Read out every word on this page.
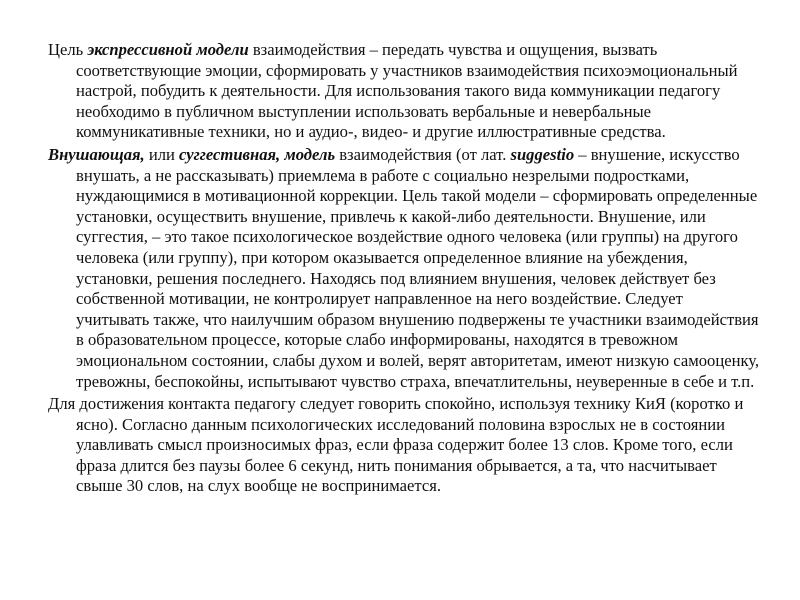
Цель экспрессивной модели взаимодействия – передать чувства и ощущения, вызвать соответствующие эмоции, сформировать у участников взаимодействия психоэмоциональный настрой, побудить к деятельности. Для использования такого вида коммуникации педагогу необходимо в публичном выступлении использовать вербальные и невербальные коммуникативные техники, но и аудио-, видео- и другие иллюстративные средства.

Внушающая, или суггестивная, модель взаимодействия (от лат. suggestio – внушение, искусство внушать, а не рассказывать) приемлема в работе с социально незрелыми подростками, нуждающимися в мотивационной коррекции. Цель такой модели – сформировать определенные установки, осуществить внушение, привлечь к какой-либо деятельности. Внушение, или суггестия, – это такое психологическое воздействие одного человека (или группы) на другого человека (или группу), при котором оказывается определенное влияние на убеждения, установки, решения последнего. Находясь под влиянием внушения, человек действует без собственной мотивации, не контролирует направленное на него воздействие. Следует учитывать также, что наилучшим образом внушению подвержены те участники взаимодействия в образовательном процессе, которые слабо информированы, находятся в тревожном эмоциональном состоянии, слабы духом и волей, верят авторитетам, имеют низкую самооценку, тревожны, беспокойны, испытывают чувство страха, впечатлительны, неуверенные в себе и т.п.

Для достижения контакта педагогу следует говорить спокойно, используя технику КиЯ (коротко и ясно). Согласно данным психологических исследований половина взрослых не в состоянии улавливать смысл произносимых фраз, если фраза содержит более 13 слов. Кроме того, если фраза длится без паузы более 6 секунд, нить понимания обрывается, а та, что насчитывает свыше 30 слов, на слух вообще не воспринимается.
